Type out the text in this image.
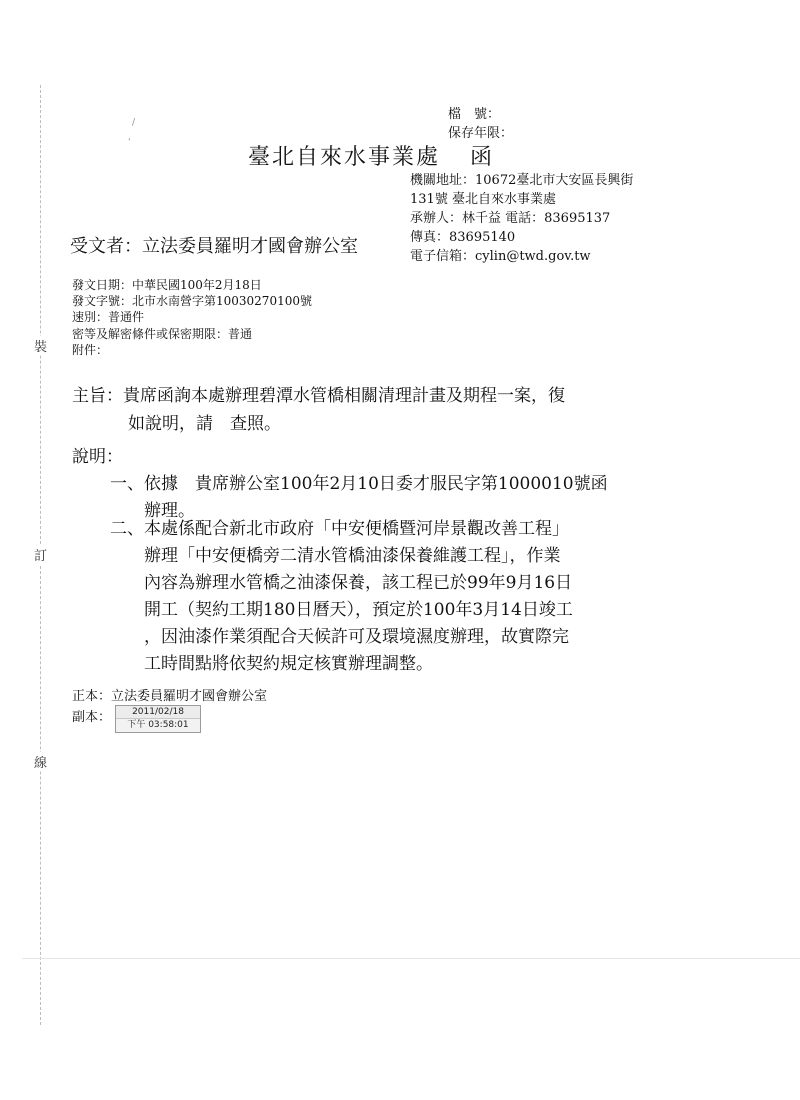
裝
訂
線
/
'
檔　號：
保存年限：
臺北自來水事業處 函
機關地址：10672臺北市大安區長興街
131號 臺北自來水事業處
承辦人：林千益 電話：83695137
傳真：83695140
電子信箱：cylin@twd.gov.tw
受文者：立法委員羅明才國會辦公室
發文日期：中華民國100年2月18日
發文字號：北市水南營字第10030270100號
速別：普通件
密等及解密條件或保密期限：普通
附件：
主旨：貴席函詢本處辦理碧潭水管橋相關清理計畫及期程一案，復
如說明，請　查照。
說明：
一、 依據　貴席辦公室100年2月10日委才服民字第1000010號函
辦理。
二、 本處係配合新北市政府「中安便橋暨河岸景觀改善工程」
辦理「中安便橋旁二清水管橋油漆保養維護工程」，作業
內容為辦理水管橋之油漆保養，該工程已於99年9月16日
開工（契約工期180日曆天），預定於100年3月14日竣工
，因油漆作業須配合天候許可及環境濕度辦理，故實際完
工時間點將依契約規定核實辦理調整。
正本：立法委員羅明才國會辦公室
副本：	2011/02/18
下午 03:58:01
